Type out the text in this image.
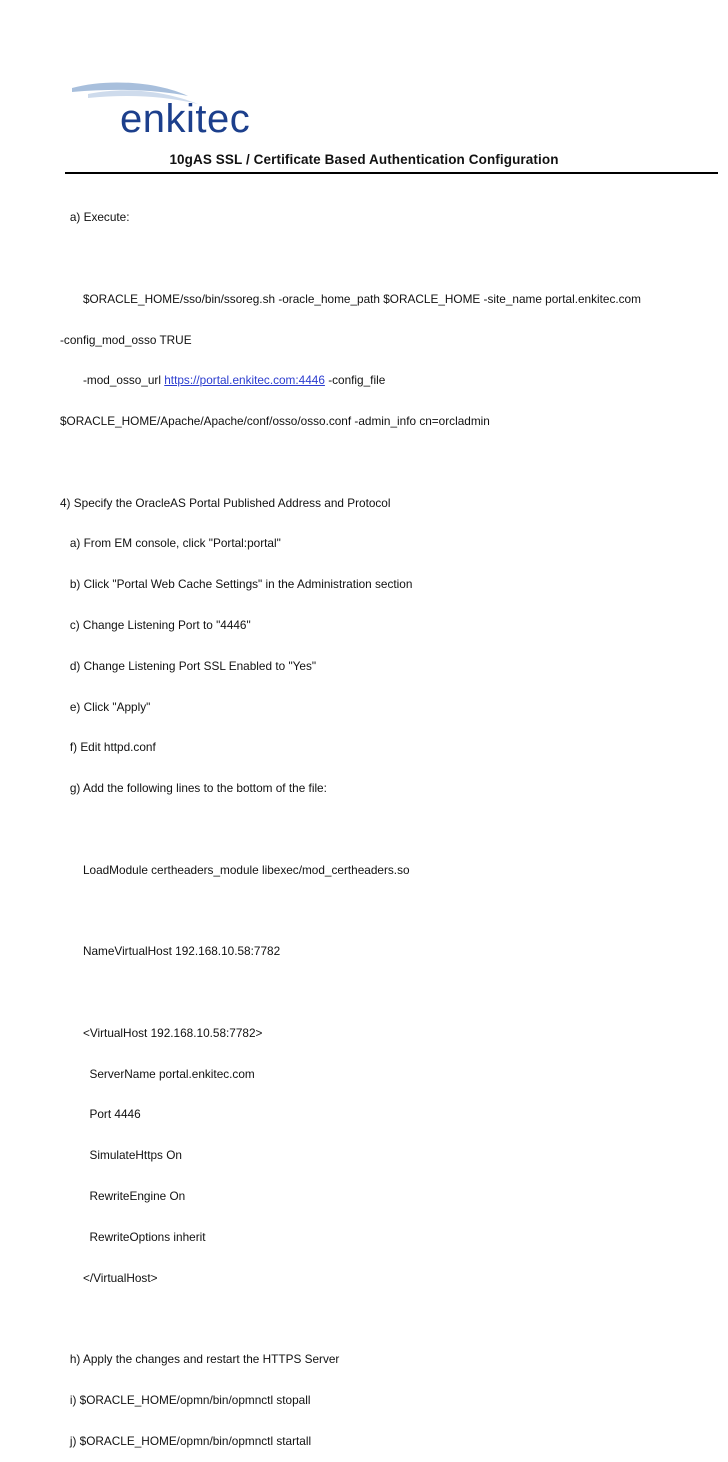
enkitec
10gAS SSL / Certificate Based Authentication Configuration

a) Execute:

$ORACLE_HOME/sso/bin/ssoreg.sh -oracle_home_path $ORACLE_HOME -site_name portal.enkitec.com

-config_mod_osso TRUE

-mod_osso_url https://portal.enkitec.com:4446 -config_file

$ORACLE_HOME/Apache/Apache/conf/osso/osso.conf -admin_info cn=orcladmin

4) Specify the OracleAS Portal Published Address and Protocol

a) From EM console, click "Portal:portal"

b) Click "Portal Web Cache Settings" in the Administration section

c) Change Listening Port to "4446"

d) Change Listening Port SSL Enabled to "Yes"

e) Click "Apply"

f) Edit httpd.conf

g) Add the following lines to the bottom of the file:

LoadModule certheaders_module libexec/mod_certheaders.so

NameVirtualHost 192.168.10.58:7782

<VirtualHost 192.168.10.58:7782>

ServerName portal.enkitec.com

Port 4446

SimulateHttps On

RewriteEngine On

RewriteOptions inherit

</VirtualHost>

h) Apply the changes and restart the HTTPS Server

i) $ORACLE_HOME/opmn/bin/opmnctl stopall

j) $ORACLE_HOME/opmn/bin/opmnctl startall
